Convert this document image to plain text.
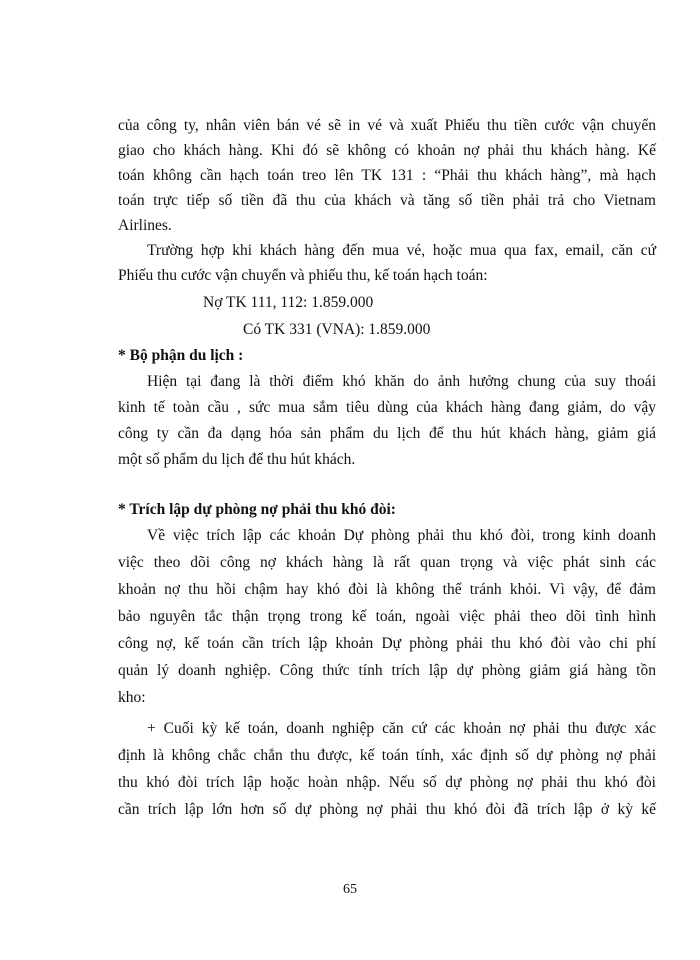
của công ty, nhân viên bán vé sẽ in vé và xuất Phiếu thu tiền cước vận chuyển
giao cho khách hàng. Khi đó sẽ không có khoản nợ phải thu khách hàng. Kế
toán không cần hạch toán treo lên TK 131 : “Phải thu khách hàng”, mà hạch
toán trực tiếp số tiền đã thu của khách và tăng số tiền phải trả cho Vietnam
Airlines.
Trường hợp khi khách hàng đến mua vé, hoặc mua qua fax, email, căn cứ
Phiếu thu cước vận chuyển và phiếu thu, kế toán hạch toán:
Nợ TK 111, 112: 1.859.000
Có TK 331 (VNA): 1.859.000
* Bộ phận du lịch :
Hiện tại đang là thời điểm khó khăn do ảnh hưởng chung của suy thoái
kinh tế toàn cầu , sức mua sắm tiêu dùng của khách hàng đang giảm, do vậy
công ty cần đa dạng hóa sản phẩm du lịch để thu hút khách hàng, giảm giá
một số phẩm du lịch để thu hút khách.
* Trích lập dự phòng nợ phải thu khó đòi:
Về việc trích lập các khoản Dự phòng phải thu khó đòi, trong kinh doanh
việc theo dõi công nợ khách hàng là rất quan trọng và việc phát sinh các
khoản nợ thu hồi chậm hay khó đòi là không thể tránh khỏi. Vì vậy, để đảm
bảo nguyên tắc thận trọng trong kế toán, ngoài việc phải theo dõi tình hình
công nợ, kế toán cần trích lập khoản Dự phòng phải thu khó đòi vào chi phí
quản lý doanh nghiệp. Công thức tính trích lập dự phòng giảm giá hàng tồn
kho:
+ Cuối kỳ kế toán, doanh nghiệp căn cứ các khoản nợ phải thu được xác
định là không chắc chắn thu được, kế toán tính, xác định số dự phòng nợ phải
thu khó đòi trích lập hoặc hoàn nhập. Nếu số dự phòng nợ phải thu khó đòi
cần trích lập lớn hơn số dự phòng nợ phải thu khó đòi đã trích lập ở kỳ kế
65
